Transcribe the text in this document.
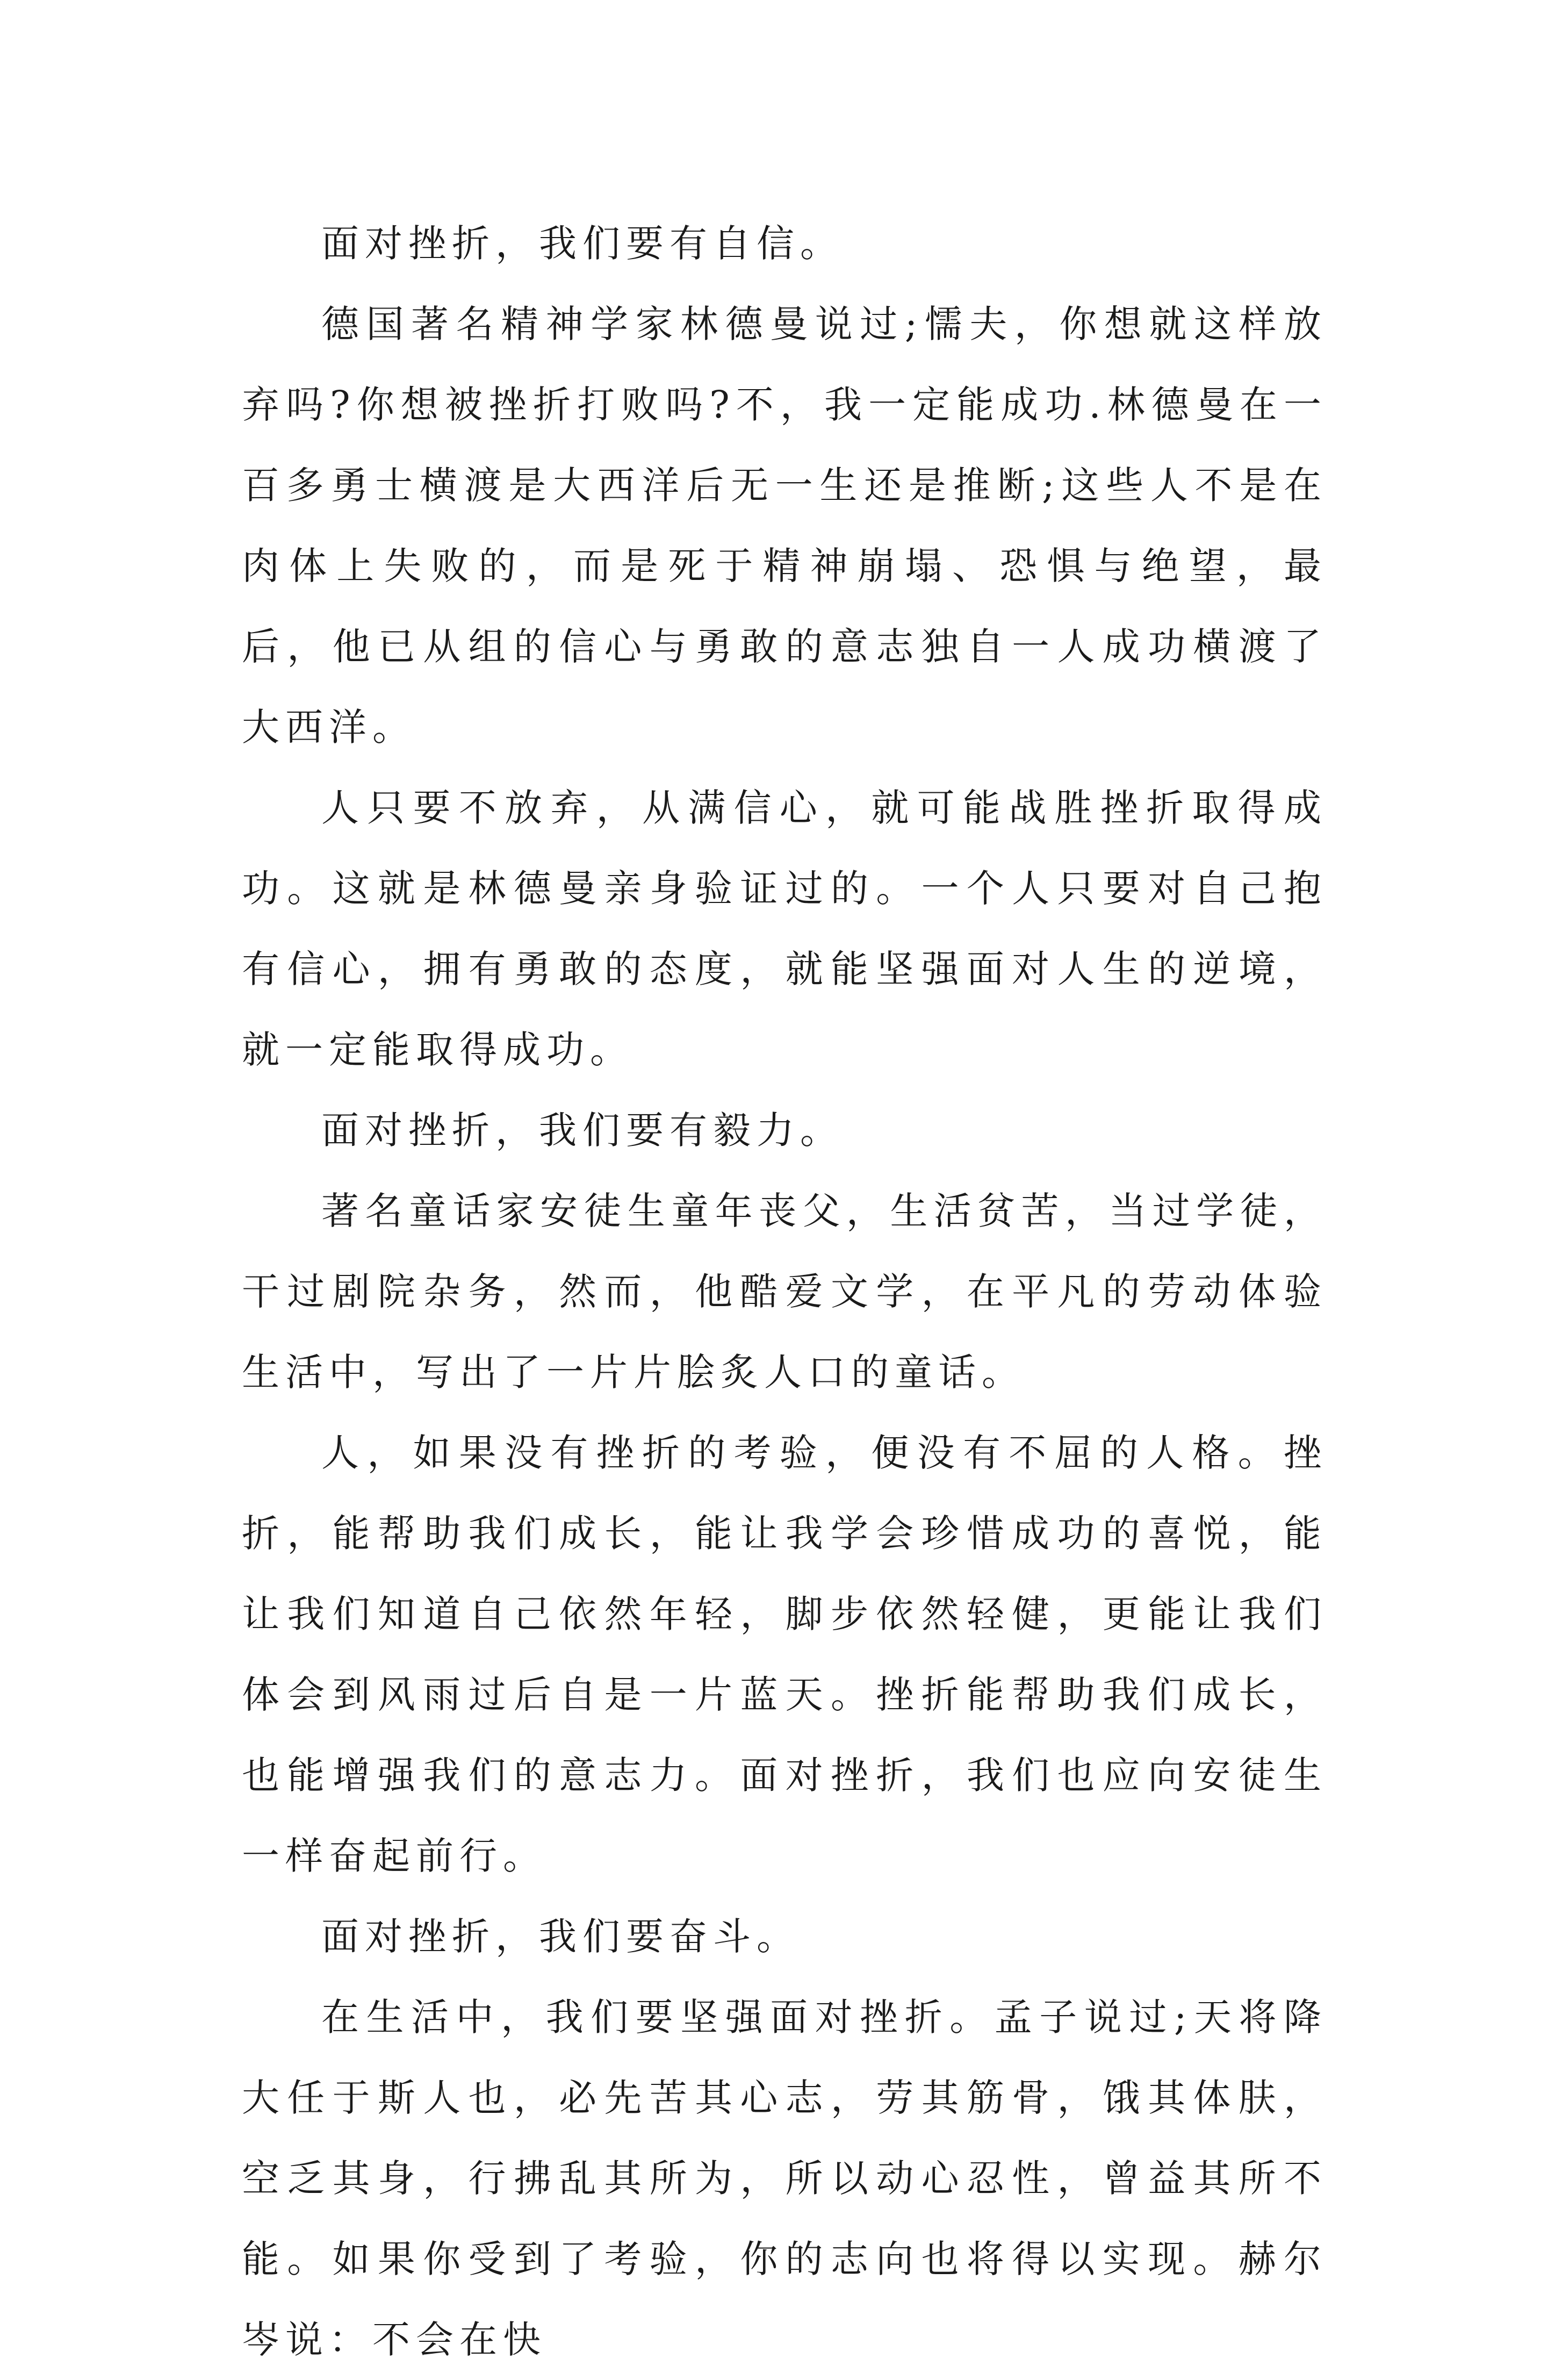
面对挫折，我们要有自信。

德国著名精神学家林德曼说过;懦夫，你想就这样放弃吗?你想被挫折打败吗?不，我一定能成功.林德曼在一百多勇士横渡是大西洋后无一生还是推断;这些人不是在肉体上失败的，而是死于精神崩塌、恐惧与绝望，最后，他已从组的信心与勇敢的意志独自一人成功横渡了大西洋。

人只要不放弃，从满信心，就可能战胜挫折取得成功。这就是林德曼亲身验证过的。一个人只要对自己抱有信心，拥有勇敢的态度，就能坚强面对人生的逆境，就一定能取得成功。

面对挫折，我们要有毅力。

著名童话家安徒生童年丧父，生活贫苦，当过学徒，干过剧院杂务，然而，他酷爱文学，在平凡的劳动体验生活中，写出了一片片脍炙人口的童话。

人，如果没有挫折的考验，便没有不屈的人格。挫折，能帮助我们成长，能让我学会珍惜成功的喜悦，能让我们知道自己依然年轻，脚步依然轻健，更能让我们体会到风雨过后自是一片蓝天。挫折能帮助我们成长，也能增强我们的意志力。面对挫折，我们也应向安徒生一样奋起前行。

面对挫折，我们要奋斗。

在生活中，我们要坚强面对挫折。孟子说过;天将降大任于斯人也，必先苦其心志，劳其筋骨，饿其体肤，空乏其身，行拂乱其所为，所以动心忍性，曾益其所不能。如果你受到了考验，你的志向也将得以实现。赫尔岑说：不会在快
